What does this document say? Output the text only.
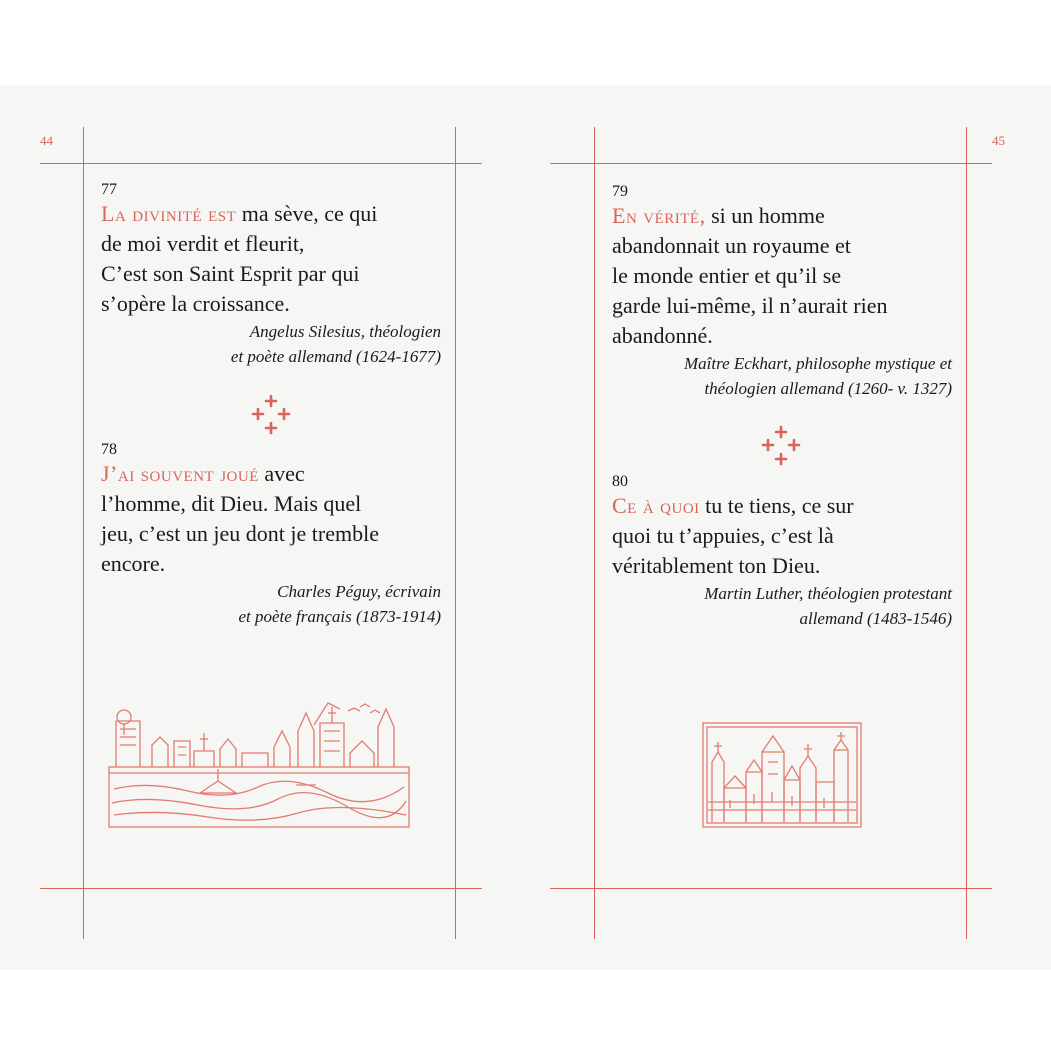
44
77

La divinité est ma sève, ce qui
de moi verdit et fleurit,
C’est son Saint Esprit par qui
s’opère la croissance.

Angelus Silesius, théologien
et poète allemand (1624-1677)

78

J’ai souvent joué avec
l’homme, dit Dieu. Mais quel
jeu, c’est un jeu dont je tremble
encore.

Charles Péguy, écrivain
et poète français (1873-1914)

45
79

En vérité, si un homme
abandonnait un royaume et
le monde entier et qu’il se
garde lui-même, il n’aurait rien
abandonné.

Maître Eckhart, philosophe mystique et
théologien allemand (1260- v. 1327)

80

Ce à quoi tu te tiens, ce sur
quoi tu t’appuies, c’est là
véritablement ton Dieu.

Martin Luther, théologien protestant
allemand (1483-1546)
